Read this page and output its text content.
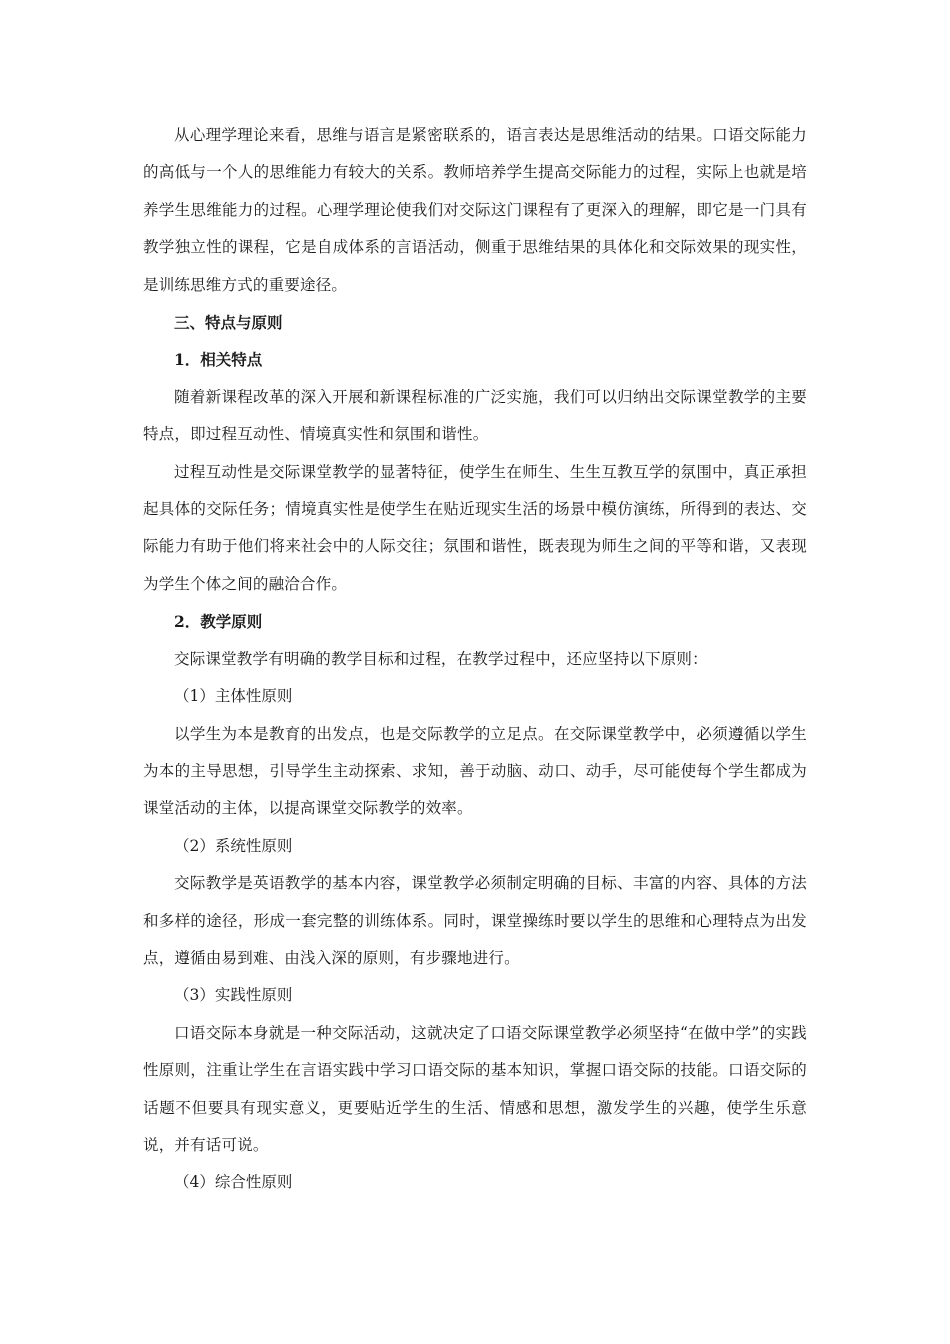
从心理学理论来看，思维与语言是紧密联系的，语言表达是思维活动的结果。口语交际能力的高低与一个人的思维能力有较大的关系。教师培养学生提高交际能力的过程，实际上也就是培养学生思维能力的过程。心理学理论使我们对交际这门课程有了更深入的理解，即它是一门具有教学独立性的课程，它是自成体系的言语活动，侧重于思维结果的具体化和交际效果的现实性，是训练思维方式的重要途径。

三、特点与原则

1．相关特点

随着新课程改革的深入开展和新课程标准的广泛实施，我们可以归纳出交际课堂教学的主要特点，即过程互动性、情境真实性和氛围和谐性。

过程互动性是交际课堂教学的显著特征，使学生在师生、生生互教互学的氛围中，真正承担起具体的交际任务；情境真实性是使学生在贴近现实生活的场景中模仿演练，所得到的表达、交际能力有助于他们将来社会中的人际交往；氛围和谐性，既表现为师生之间的平等和谐，又表现为学生个体之间的融洽合作。

2．教学原则

交际课堂教学有明确的教学目标和过程，在教学过程中，还应坚持以下原则：

（1）主体性原则

以学生为本是教育的出发点，也是交际教学的立足点。在交际课堂教学中，必须遵循以学生为本的主导思想，引导学生主动探索、求知，善于动脑、动口、动手，尽可能使每个学生都成为课堂活动的主体，以提高课堂交际教学的效率。

（2）系统性原则

交际教学是英语教学的基本内容，课堂教学必须制定明确的目标、丰富的内容、具体的方法和多样的途径，形成一套完整的训练体系。同时，课堂操练时要以学生的思维和心理特点为出发点，遵循由易到难、由浅入深的原则，有步骤地进行。

（3）实践性原则

口语交际本身就是一种交际活动，这就决定了口语交际课堂教学必须坚持“在做中学”的实践性原则，注重让学生在言语实践中学习口语交际的基本知识，掌握口语交际的技能。口语交际的话题不但要具有现实意义，更要贴近学生的生活、情感和思想，激发学生的兴趣，使学生乐意说，并有话可说。

（4）综合性原则
